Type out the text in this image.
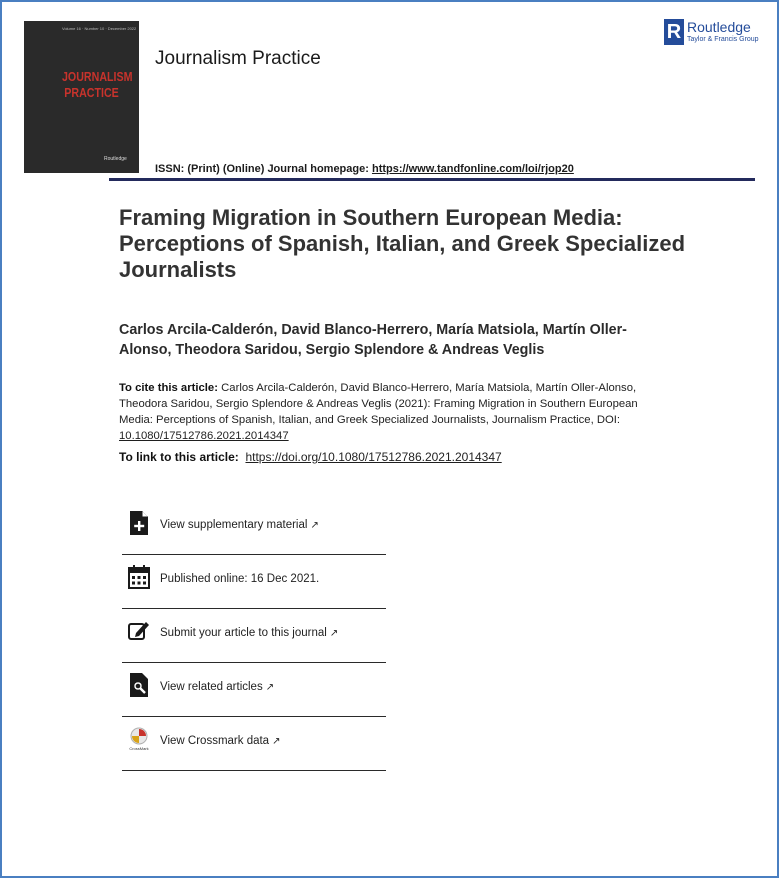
Volume 16 · Number 10 · December 2022
JOURNALISM PRACTICE
Routledge
Journalism Practice
ISSN: (Print) (Online) Journal homepage: https://www.tandfonline.com/loi/rjop20
R Routledge
Taylor & Francis Group
Framing Migration in Southern European Media: Perceptions of Spanish, Italian, and Greek Specialized Journalists
Carlos Arcila-Calderón, David Blanco-Herrero, María Matsiola, Martín Oller-Alonso, Theodora Saridou, Sergio Splendore & Andreas Veglis
To cite this article: Carlos Arcila-Calderón, David Blanco-Herrero, María Matsiola, Martín Oller-Alonso, Theodora Saridou, Sergio Splendore & Andreas Veglis (2021): Framing Migration in Southern European Media: Perceptions of Spanish, Italian, and Greek Specialized Journalists, Journalism Practice, DOI: 10.1080/17512786.2021.2014347
To link to this article: https://doi.org/10.1080/17512786.2021.2014347
View supplementary material ↗
Published online: 16 Dec 2021.
Submit your article to this journal ↗
View related articles ↗
CrossMark
View Crossmark data ↗
